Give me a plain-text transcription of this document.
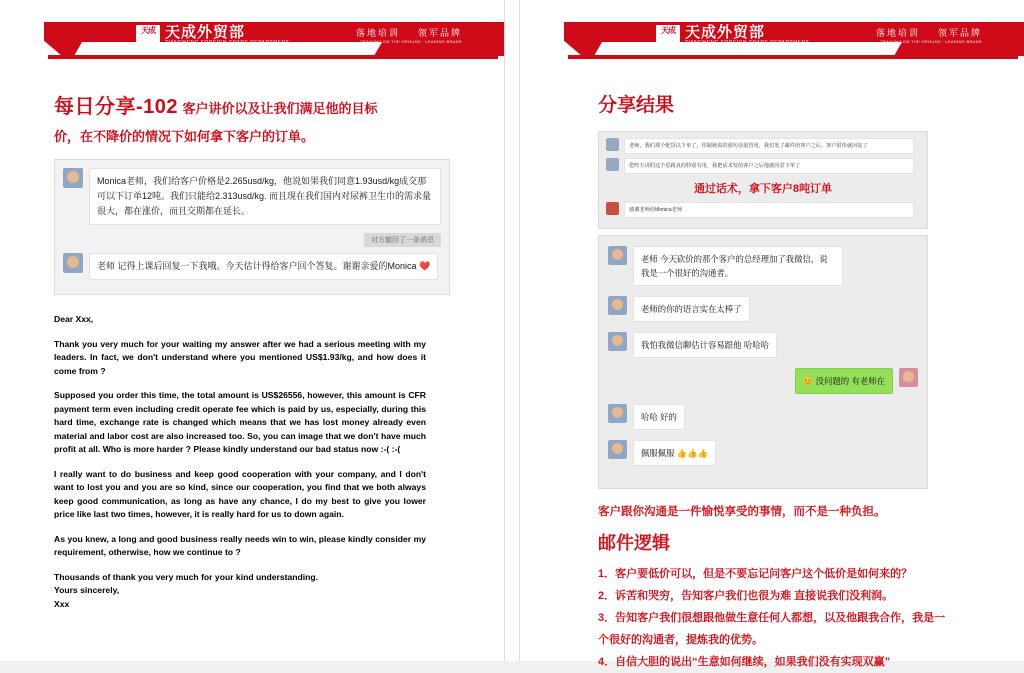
天成 天成外贸部
TIANCHENG FOREIGN TRADE DEPARTMENT
落地培训 领军品牌
TRAINING ON THE GROUND · LEADING BRAND
每日分享-102 客户讲价以及让我们满足他的目标
价，在不降价的情况下如何拿下客户的订单。
Monica老师，我们给客户价格是2.265usd/kg，他说如果我们同意1.93usd/kg成交那可以下订单12吨。我们只能给2.313usd/kg. 而且现在我们国内对尿裤卫生巾的需求量很大，都在涨价，而且交期都在延长。
对方撤回了一条消息
老师 记得上课后回复一下我哦。今天估计得给客户回个答复。谢谢亲爱的Monica ❤️

Dear Xxx,

Thank you very much for your waiting my answer after we had a serious meeting with my leaders. In fact, we don't understand where you mentioned US$1.93/kg, and how does it come from ?

Supposed you order this time, the total amount is US$26556, however, this amount is CFR payment term even including credit operate fee which is paid by us, especially, during this hard time, exchange rate is changed which means that we has lost money already even material and labor cost are also increased too. So, you can image that we don't have much profit at all. Who is more harder ? Please kindly understand our bad status now :-( :-(

I really want to do business and keep good cooperation with your company, and I don't want to lost you and you are so kind, since our cooperation, you find that we both always keep good communication, as long as have any chance, I do my best to give you lower price like last two times, however, it is really hard for us to down again.

As you knew, a long and good business really needs win to win, please kindly consider my requirement, otherwise, how we continue to ?

Thousands of thank you very much for your kind understanding.

Yours sincerely,

Xxx

天成 天成外贸部
TIANCHENG FOREIGN TRADE DEPARTMENT
落地培训 领军品牌
TRAINING ON THE GROUND · LEADING BRAND
分享结果
老师，我们那个配货以下单了，你跟她说的那句话很管用，我们发了邮件给客户之后，客户很快就回复了
您昨天讲的这个思路真的特别有用，我把话术发给客户之后他就同意下单了
通过话术，拿下客户8吨订单
感谢老师给Monica老师
老师 今天砍价的那个客户的总经理加了我微信，说我是一个很好的沟通者。
老师的你的语言实在太棒了
我怕我微信聊估计容易跟他 哈哈哈
😊 没问题的 有老师在
哈哈 好的
佩服佩服 👍👍👍
客户跟你沟通是一件愉悦享受的事情，而不是一种负担。
邮件逻辑
1．客户要低价可以，但是不要忘记问客户这个低价是如何来的？
2．诉苦和哭穷，告知客户我们也很为难 直接说我们没利润。
3．告知客户我们很想跟他做生意任何人都想，以及他跟我合作，我是一个很好的沟通者，提炼我的优势。
4．自信大胆的说出“生意如何继续，如果我们没有实现双赢”
